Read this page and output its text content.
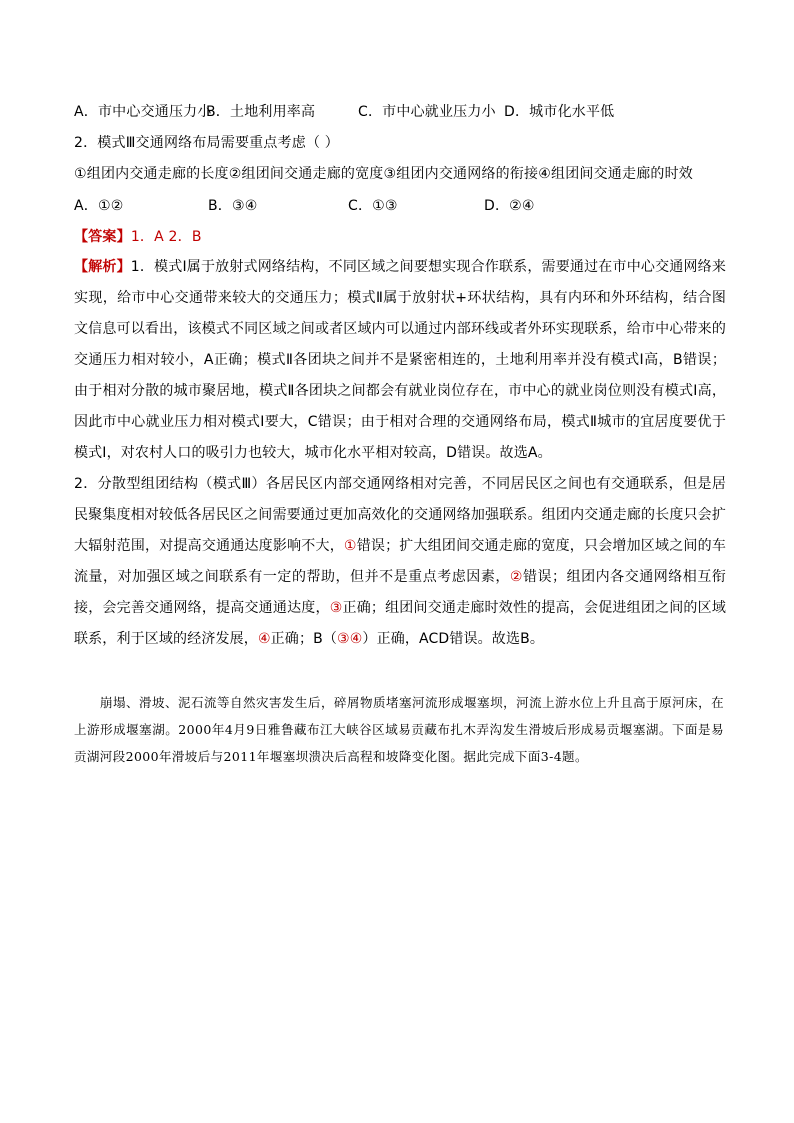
A．市中心交通压力小
B．土地利用率高	C．市中心就业压力小 D．城市化水平低
2．模式Ⅲ交通网络布局需要重点考虑（ ）
①组团内交通走廊的长度②组团间交通走廊的宽度③组团内交通网络的衔接④组团间交通走廊的时效
A．①②	B．③④	C．①③	D．②④
【答案】1．A 2．B
【解析】1．模式Ⅰ属于放射式网络结构，不同区域之间要想实现合作联系，需要通过在市中心交通网络来实现，给市中心交通带来较大的交通压力；模式Ⅱ属于放射状+环状结构，具有内环和外环结构，结合图文信息可以看出，该模式不同区域之间或者区域内可以通过内部环线或者外环实现联系，给市中心带来的交通压力相对较小，A正确；模式Ⅱ各团块之间并不是紧密相连的，土地利用率并没有模式Ⅰ高，B错误；由于相对分散的城市聚居地，模式Ⅱ各团块之间都会有就业岗位存在，市中心的就业岗位则没有模式Ⅰ高，因此市中心就业压力相对模式Ⅰ要大，C错误；由于相对合理的交通网络布局，模式Ⅱ城市的宜居度要优于模式Ⅰ，对农村人口的吸引力也较大，城市化水平相对较高，D错误。故选A。
2．分散型组团结构（模式Ⅲ）各居民区内部交通网络相对完善，不同居民区之间也有交通联系，但是居民聚集度相对较低各居民区之间需要通过更加高效化的交通网络加强联系。组团内交通走廊的长度只会扩大辐射范围，对提高交通通达度影响不大，①错误；扩大组团间交通走廊的宽度，只会增加区域之间的车流量，对加强区域之间联系有一定的帮助，但并不是重点考虑因素，②错误；组团内各交通网络相互衔接，会完善交通网络，提高交通通达度，③正确；组团间交通走廊时效性的提高，会促进组团之间的区域联系，利于区域的经济发展，④正确；B（③④）正确，ACD错误。故选B。
崩塌、滑坡、泥石流等自然灾害发生后，碎屑物质堵塞河流形成堰塞坝，河流上游水位上升且高于原河床，在上游形成堰塞湖。2000年4月9日雅鲁藏布江大峡谷区域易贡藏布扎木弄沟发生滑坡后形成易贡堰塞湖。下面是易贡湖河段2000年滑坡后与2011年堰塞坝溃决后高程和坡降变化图。据此完成下面3-4题。
